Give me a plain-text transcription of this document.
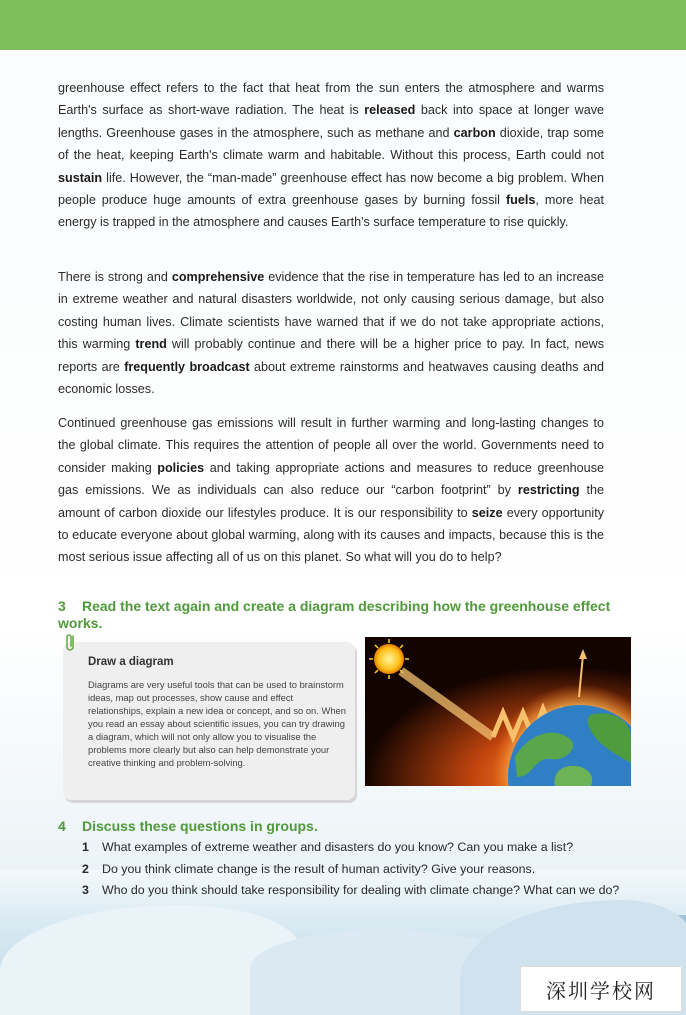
greenhouse effect refers to the fact that heat from the sun enters the atmosphere and warms Earth's surface as short-wave radiation. The heat is released back into space at longer wave lengths. Greenhouse gases in the atmosphere, such as methane and carbon dioxide, trap some of the heat, keeping Earth's climate warm and habitable. Without this process, Earth could not sustain life. However, the “man-made” greenhouse effect has now become a big problem. When people produce huge amounts of extra greenhouse gases by burning fossil fuels, more heat energy is trapped in the atmosphere and causes Earth's surface temperature to rise quickly.
There is strong and comprehensive evidence that the rise in temperature has led to an increase in extreme weather and natural disasters worldwide, not only causing serious damage, but also costing human lives. Climate scientists have warned that if we do not take appropriate actions, this warming trend will probably continue and there will be a higher price to pay. In fact, news reports are frequently broadcast about extreme rainstorms and heatwaves causing deaths and economic losses.
Continued greenhouse gas emissions will result in further warming and long-lasting changes to the global climate. This requires the attention of people all over the world. Governments need to consider making policies and taking appropriate actions and measures to reduce greenhouse gas emissions. We as individuals can also reduce our “carbon footprint” by restricting the amount of carbon dioxide our lifestyles produce. It is our responsibility to seize every opportunity to educate everyone about global warming, along with its causes and impacts, because this is the most serious issue affecting all of us on this planet. So what will you do to help?
3 Read the text again and create a diagram describing how the greenhouse effect works.
Draw a diagram
Diagrams are very useful tools that can be used to brainstorm ideas, map out processes, show cause and effect relationships, explain a new idea or concept, and so on. When you read an essay about scientific issues, you can try drawing a diagram, which will not only allow you to visualise the problems more clearly but also can help demonstrate your creative thinking and problem-solving.
4 Discuss these questions in groups.
1 What examples of extreme weather and disasters do you know? Can you make a list?
2 Do you think climate change is the result of human activity? Give your reasons.
3 Who do you think should take responsibility for dealing with climate change? What can we do?
深圳学校网
